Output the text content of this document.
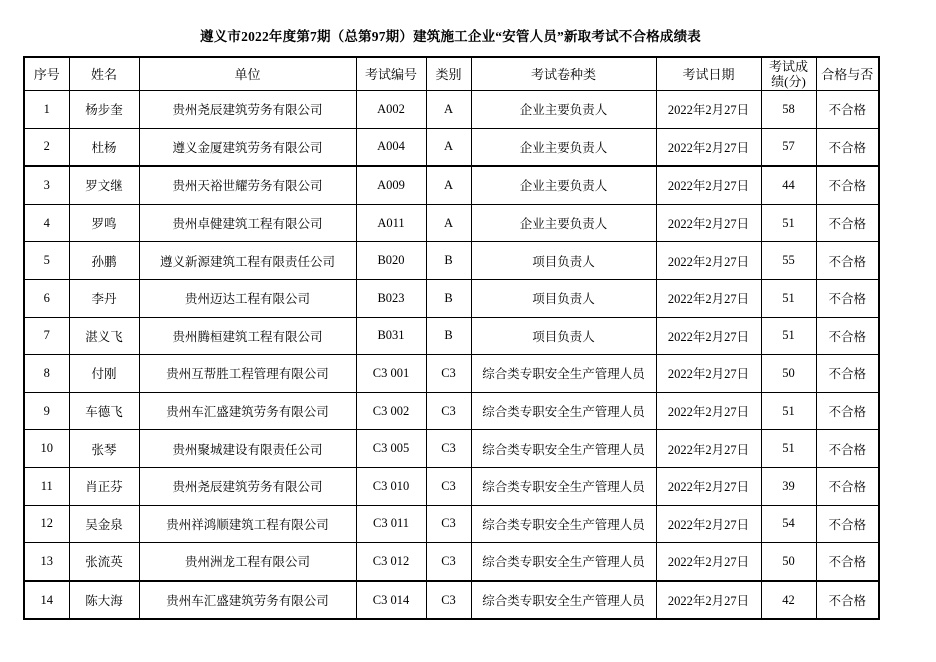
遵义市2022年度第7期（总第97期）建筑施工企业“安管人员”新取考试不合格成绩表
序号	姓名	单位	考试编号	类别	考试卷种类	考试日期	考试成
绩(分)	合格与否
1	杨步奎	贵州尧辰建筑劳务有限公司	A002	A	企业主要负责人	2022年2月27日	58	不合格
2	杜杨	遵义金厦建筑劳务有限公司	A004	A	企业主要负责人	2022年2月27日	57	不合格
3	罗文继	贵州天裕世耀劳务有限公司	A009	A	企业主要负责人	2022年2月27日	44	不合格
4	罗鸣	贵州卓健建筑工程有限公司	A011	A	企业主要负责人	2022年2月27日	51	不合格
5	孙鹏	遵义新源建筑工程有限责任公司	B020	B	项目负责人	2022年2月27日	55	不合格
6	李丹	贵州迈达工程有限公司	B023	B	项目负责人	2022年2月27日	51	不合格
7	湛义飞	贵州腾桓建筑工程有限公司	B031	B	项目负责人	2022年2月27日	51	不合格
8	付刚	贵州互帮胜工程管理有限公司	C3 001	C3	综合类专职安全生产管理人员	2022年2月27日	50	不合格
9	车德飞	贵州车汇盛建筑劳务有限公司	C3 002	C3	综合类专职安全生产管理人员	2022年2月27日	51	不合格
10	张琴	贵州聚城建设有限责任公司	C3 005	C3	综合类专职安全生产管理人员	2022年2月27日	51	不合格
11	肖正芬	贵州尧辰建筑劳务有限公司	C3 010	C3	综合类专职安全生产管理人员	2022年2月27日	39	不合格
12	吴金泉	贵州祥鸿顺建筑工程有限公司	C3 011	C3	综合类专职安全生产管理人员	2022年2月27日	54	不合格
13	张流英	贵州洲龙工程有限公司	C3 012	C3	综合类专职安全生产管理人员	2022年2月27日	50	不合格
14	陈大海	贵州车汇盛建筑劳务有限公司	C3 014	C3	综合类专职安全生产管理人员	2022年2月27日	42	不合格
